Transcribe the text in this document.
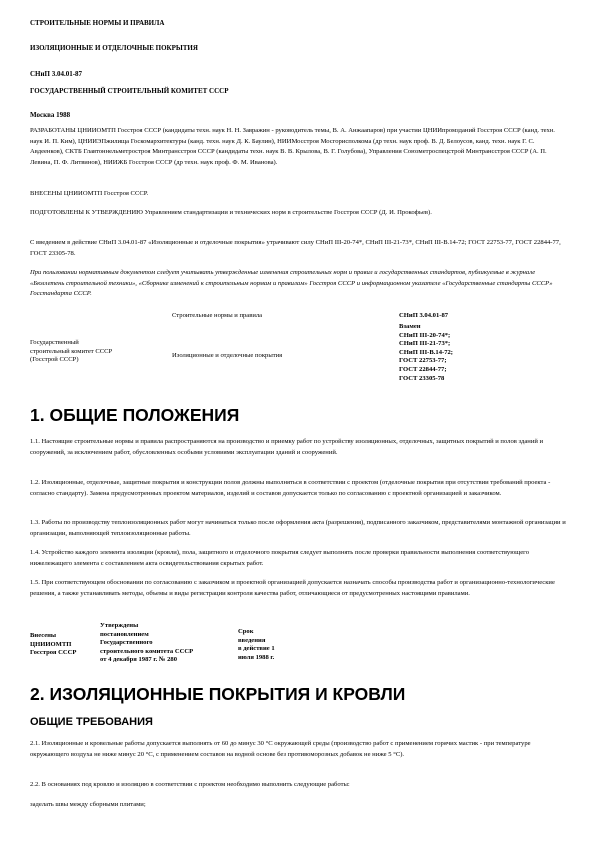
СТРОИТЕЛЬНЫЕ НОРМЫ И ПРАВИЛА
ИЗОЛЯЦИОННЫЕ И ОТДЕЛОЧНЫЕ ПОКРЫТИЯ
СНиП 3.04.01-87
ГОСУДАРСТВЕННЫЙ СТРОИТЕЛЬНЫЙ КОМИТЕТ СССР
Москва 1988
РАЗРАБОТАНЫ ЦНИИОМТП Госстроя СССР (кандидаты техн. наук Н. Н. Завражин - руководитель темы, В. А. Анжаапаров) при участии ЦНИИпромзданий Госстроя СССР (канд. техн. наук И. П. Ким), ЦНИИЭПжилища Госкомархитектуры (канд. техн. наук Д. К. Баулин), НИИМосстроя Мосгорисполкома (др техн. наук проф. В. Д. Белоусов, канд. техн. наук Г. С. Авдеенков), СКТБ Главтоннельметростроя Минтрансстроя СССР (кандидаты техн. наук В. В. Крылова, В. Г. Голубова), Управления Союзметроспецстрой Минтрансстроя СССР (А. П. Левина, П. Ф. Литвинов), НИИЖБ Госстроя СССР (др техн. наук проф. Ф. М. Иванова).
ВНЕСЕНЫ ЦНИИОМТП Госстроя СССР.
ПОДГОТОВЛЕНЫ К УТВЕРЖДЕНИЮ Управлением стандартизации и технических норм в строительстве Госстроя СССР (Д. И. Прокофьев).
С введением в действие СНиП 3.04.01-87 «Изоляционные и отделочные покрытия» утрачивают силу СНиП III-20-74*, СНиП III-21-73*, СНиП III-В.14-72; ГОСТ 22753-77, ГОСТ 22844-77, ГОСТ 23305-78.
При пользовании нормативным документом следует учитывать утвержденные изменения строительных норм и правил и государственных стандартов, публикуемые в журнале «Бюллетень строительной техники», «Сборнике изменений к строительным нормам и правилам» Госстроя СССР и информационном указателе «Государственные стандарты СССР» Госстандарта СССР.
Строительные нормы и правила	СНиП 3.04.01-87
Государственный
строительный комитет СССР
(Госстрой СССР)
Изоляционные и отделочные покрытия
Взамен
СНиП III-20-74*;
СНиП III-21-73*;
СНиП III-В.14-72;
ГОСТ 22753-77;
ГОСТ 22844-77;
ГОСТ 23305-78
1. ОБЩИЕ ПОЛОЖЕНИЯ
1.1. Настоящие строительные нормы и правила распространяются на производство и приемку работ по устройству изоляционных, отделочных, защитных покрытий и полов зданий и сооружений, за исключением работ, обусловленных особыми условиями эксплуатации зданий и сооружений.
1.2. Изоляционные, отделочные, защитные покрытия и конструкции полов должны выполняться в соответствии с проектом (отделочные покрытия при отсутствии требований проекта - согласно стандарту). Замена предусмотренных проектом материалов, изделий и составов допускается только по согласованию с проектной организацией и заказчиком.
1.3. Работы по производству теплоизоляционных работ могут начинаться только после оформления акта (разрешения), подписанного заказчиком, представителями монтажной организации и организации, выполняющей теплоизоляционные работы.
1.4. Устройство каждого элемента изоляции (кровли), пола, защитного и отделочного покрытия следует выполнять после проверки правильности выполнения соответствующего нижележащего элемента с составлением акта освидетельствования скрытых работ.
1.5. При соответствующем обосновании по согласованию с заказчиком и проектной организацией допускается назначать способы производства работ и организационно-технологические решения, а также устанавливать методы, объемы и виды регистрации контроля качества работ, отличающиеся от предусмотренных настоящими правилами.
Внесены
ЦНИИОМТП
Госстроя СССР
Утверждены
постановлением
Государственного
строительного комитета СССР
от 4 декабря 1987 г. № 280
Срок
введения
в действие 1
июля 1988 г.
2. ИЗОЛЯЦИОННЫЕ ПОКРЫТИЯ И КРОВЛИ
ОБЩИЕ ТРЕБОВАНИЯ
2.1. Изоляционные и кровельные работы допускается выполнять от 60 до минус 30 °С окружающей среды (производство работ с применением горячих мастик - при температуре окружающего воздуха не ниже минус 20 °С, с применением составов на водной основе без противоморозных добавок не ниже 5 °С).
2.2. В основаниях под кровлю и изоляцию в соответствии с проектом необходимо выполнить следующие работы:
заделать швы между сборными плитами;
